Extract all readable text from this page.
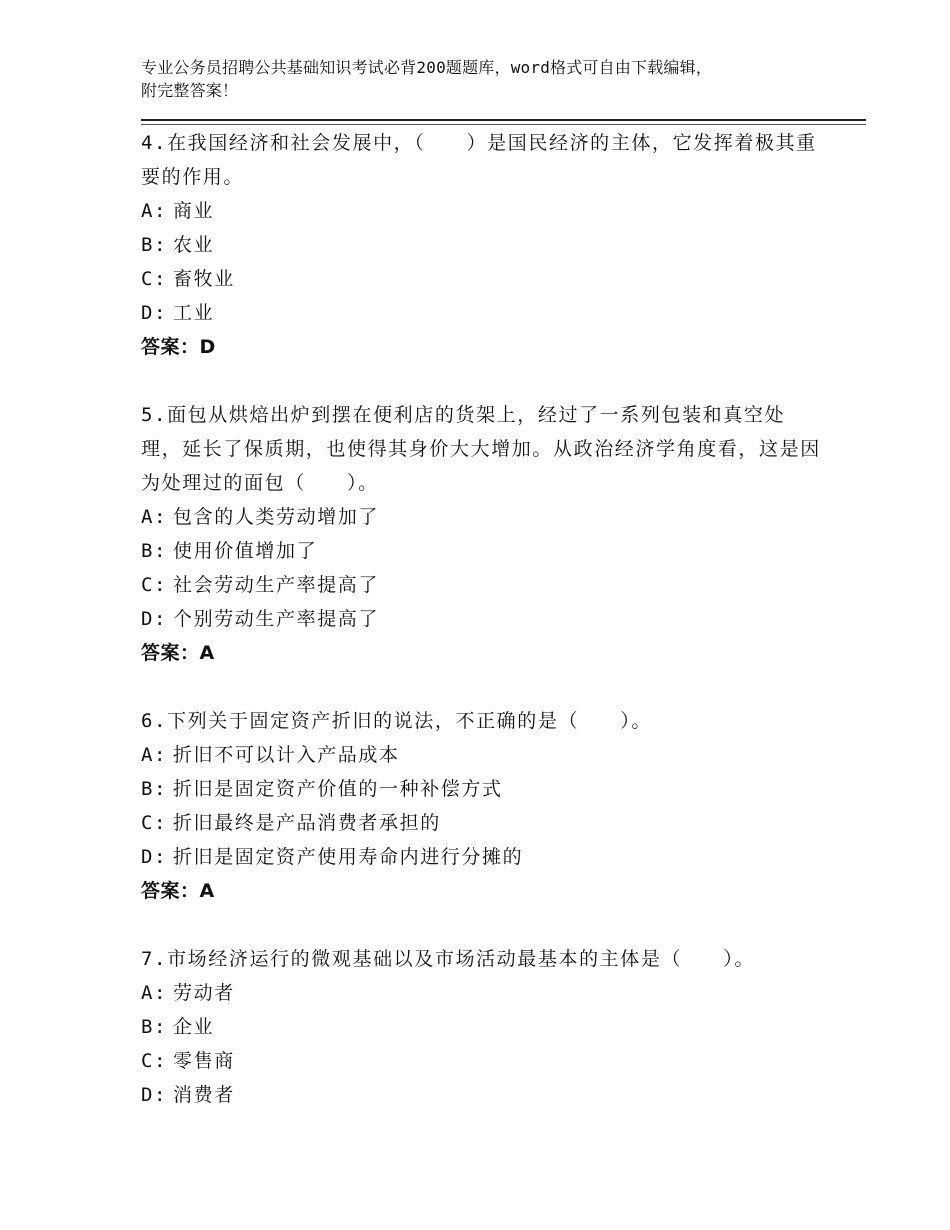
专业公务员招聘公共基础知识考试必背200题题库，word格式可自由下载编辑，
附完整答案！
4.在我国经济和社会发展中，（　　）是国民经济的主体，它发挥着极其重要的作用。
A: 商业
B: 农业
C: 畜牧业
D: 工业
答案：D
5.面包从烘焙出炉到摆在便利店的货架上，经过了一系列包装和真空处理，延长了保质期，也使得其身价大大增加。从政治经济学角度看，这是因为处理过的面包（　　）。
A: 包含的人类劳动增加了
B: 使用价值增加了
C: 社会劳动生产率提高了
D: 个别劳动生产率提高了
答案：A
6.下列关于固定资产折旧的说法，不正确的是（　　）。
A: 折旧不可以计入产品成本
B: 折旧是固定资产价值的一种补偿方式
C: 折旧最终是产品消费者承担的
D: 折旧是固定资产使用寿命内进行分摊的
答案：A
7.市场经济运行的微观基础以及市场活动最基本的主体是（　　）。
A: 劳动者
B: 企业
C: 零售商
D: 消费者
